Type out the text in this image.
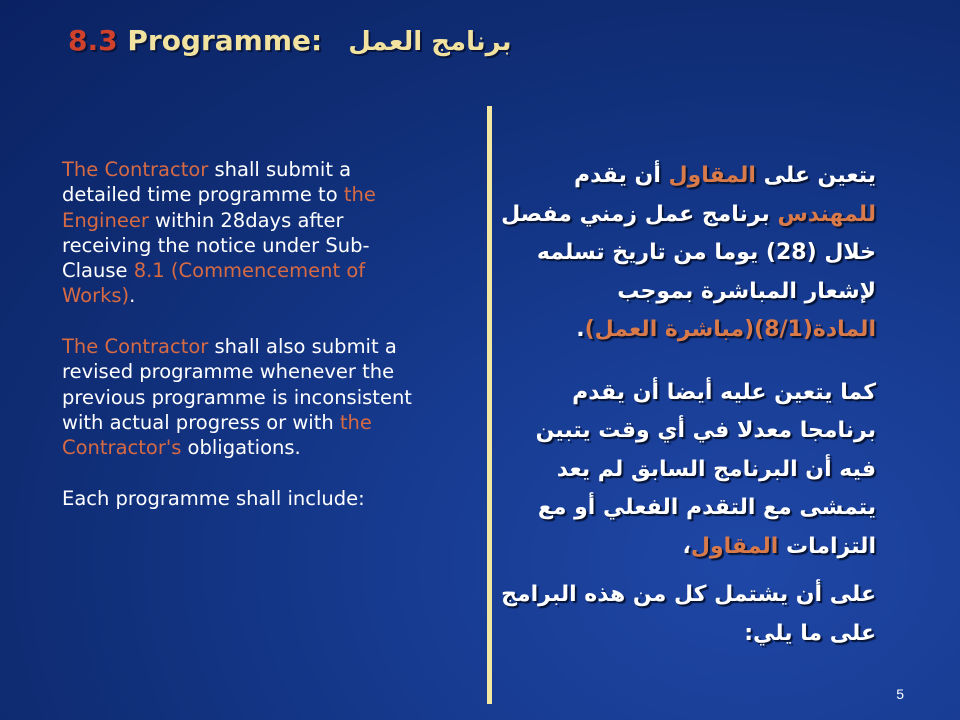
8.3 Programme: برنامج العمل

The Contractor shall submit a detailed time programme to the Engineer within 28days after receiving the notice under Sub-Clause 8.1 (Commencement of Works).

The Contractor shall also submit a revised programme whenever the previous programme is inconsistent with actual progress or with the Contractor's obligations.

Each programme shall include:

يتعين على المقاول أن يقدم
للمهندس برنامج عمل زمني مفصل
خلال (28) يوما من تاريخ تسلمه
لإشعار المباشرة بموجب
المادة(8/1)(مباشرة العمل).

كما يتعين عليه أيضا أن يقدم
برنامجا معدلا في أي وقت يتبين
فيه أن البرنامج السابق لم يعد
يتمشى مع التقدم الفعلي أو مع
التزامات المقاول،

على أن يشتمل كل من هذه البرامج
على ما يلي:

5
